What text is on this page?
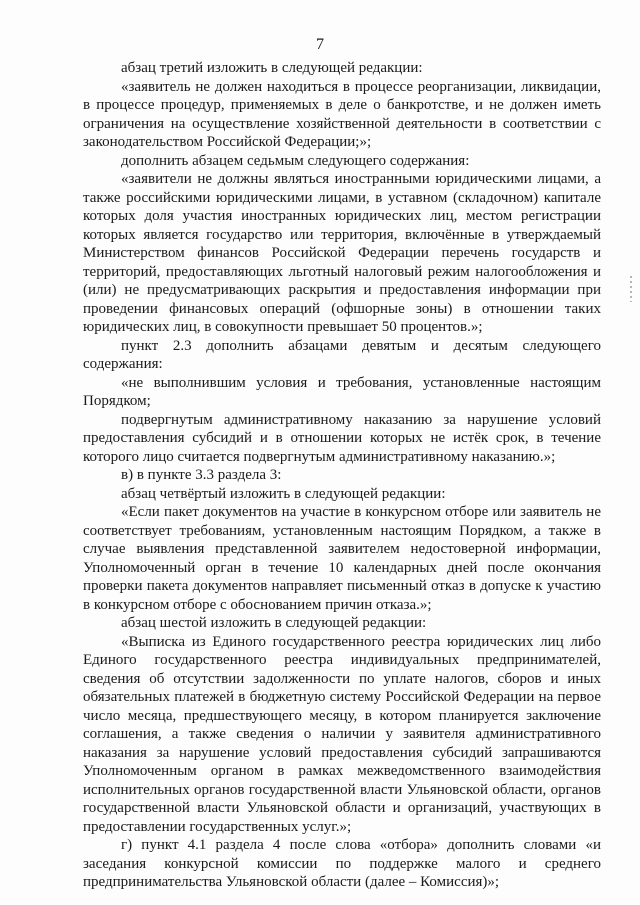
7

абзац третий изложить в следующей редакции:

«заявитель не должен находиться в процессе реорганизации, ликвидации, в процессе процедур, применяемых в деле о банкротстве, и не должен иметь ограничения на осуществление хозяйственной деятельности в соответствии с законодательством Российской Федерации;»;

дополнить абзацем седьмым следующего содержания:

«заявители не должны являться иностранными юридическими лицами, а также российскими юридическими лицами, в уставном (складочном) капитале которых доля участия иностранных юридических лиц, местом регистрации которых является государство или территория, включённые в утверждаемый Министерством финансов Российской Федерации перечень государств и территорий, предоставляющих льготный налоговый режим налогообложения и (или) не предусматривающих раскрытия и предоставления информации при проведении финансовых операций (офшорные зоны) в отношении таких юридических лиц, в совокупности превышает 50 процентов.»;

пункт 2.3 дополнить абзацами девятым и десятым следующего содержания:

«не выполнившим условия и требования, установленные настоящим Порядком;

подвергнутым административному наказанию за нарушение условий предоставления субсидий и в отношении которых не истёк срок, в течение которого лицо считается подвергнутым административному наказанию.»;

в) в пункте 3.3 раздела 3:

абзац четвёртый изложить в следующей редакции:

«Если пакет документов на участие в конкурсном отборе или заявитель не соответствует требованиям, установленным настоящим Порядком, а также в случае выявления представленной заявителем недостоверной информации, Уполномоченный орган в течение 10 календарных дней после окончания проверки пакета документов направляет письменный отказ в допуске к участию в конкурсном отборе с обоснованием причин отказа.»;

абзац шестой изложить в следующей редакции:

«Выписка из Единого государственного реестра юридических лиц либо Единого государственного реестра индивидуальных предпринимателей, сведения об отсутствии задолженности по уплате налогов, сборов и иных обязательных платежей в бюджетную систему Российской Федерации на первое число месяца, предшествующего месяцу, в котором планируется заключение соглашения, а также сведения о наличии у заявителя административного наказания за нарушение условий предоставления субсидий запрашиваются Уполномоченным органом в рамках межведомственного взаимодействия исполнительных органов государственной власти Ульяновской области, органов государственной власти Ульяновской области и организаций, участвующих в предоставлении государственных услуг.»;

г) пункт 4.1 раздела 4 после слова «отбора» дополнить словами «и заседания конкурсной комиссии по поддержке малого и среднего предпринимательства Ульяновской области (далее – Комиссия)»;
